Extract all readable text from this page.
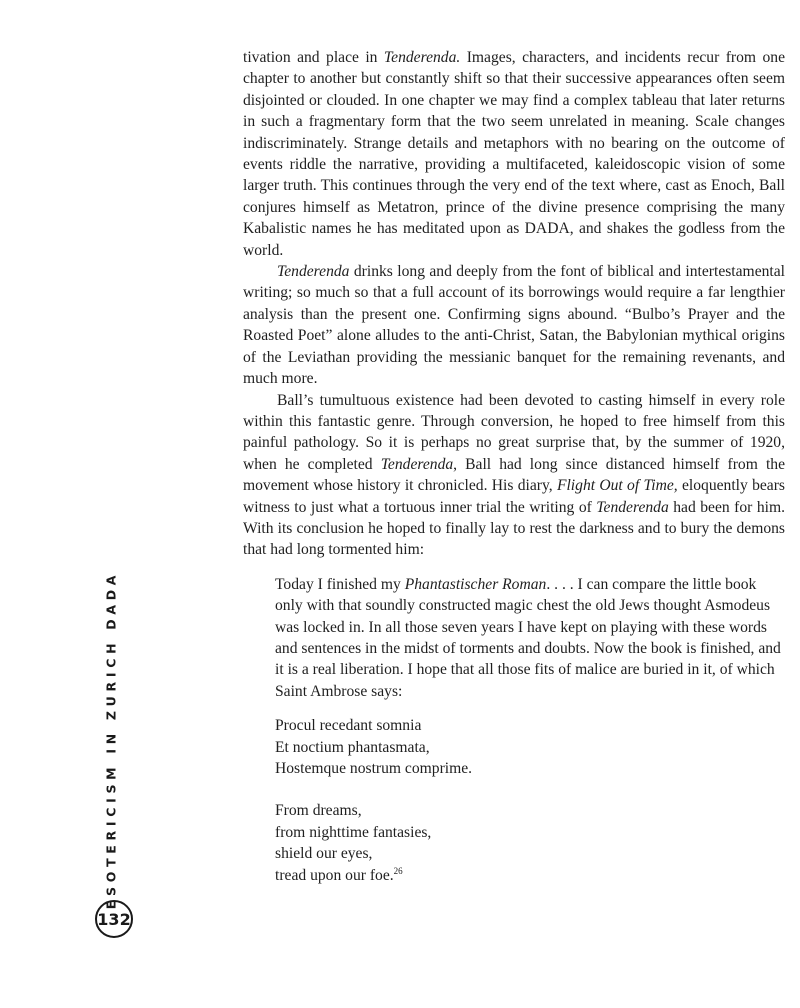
tivation and place in Tenderenda. Images, characters, and incidents recur from one chapter to another but constantly shift so that their successive appearances often seem disjointed or clouded. In one chapter we may find a complex tableau that later returns in such a fragmentary form that the two seem unrelated in meaning. Scale changes indiscriminately. Strange details and metaphors with no bearing on the outcome of events riddle the narrative, providing a multifaceted, kaleidoscopic vision of some larger truth. This continues through the very end of the text where, cast as Enoch, Ball conjures himself as Metatron, prince of the divine presence comprising the many Kabalistic names he has meditated upon as DADA, and shakes the godless from the world.

Tenderenda drinks long and deeply from the font of biblical and intertestamental writing; so much so that a full account of its borrowings would require a far lengthier analysis than the present one. Confirming signs abound. “Bulbo’s Prayer and the Roasted Poet” alone alludes to the anti-Christ, Satan, the Babylonian mythical origins of the Leviathan providing the messianic banquet for the remaining revenants, and much more.

Ball’s tumultuous existence had been devoted to casting himself in every role within this fantastic genre. Through conversion, he hoped to free himself from this painful pathology. So it is perhaps no great surprise that, by the summer of 1920, when he completed Tenderenda, Ball had long since distanced himself from the movement whose history it chronicled. His diary, Flight Out of Time, eloquently bears witness to just what a tortuous inner trial the writing of Tenderenda had been for him. With its conclusion he hoped to finally lay to rest the darkness and to bury the demons that had long tormented him:

Today I finished my Phantastischer Roman. . . . I can compare the little book only with that soundly constructed magic chest the old Jews thought Asmodeus was locked in. In all those seven years I have kept on playing with these words and sentences in the midst of torments and doubts. Now the book is finished, and it is a real liberation. I hope that all those fits of malice are buried in it, of which Saint Ambrose says:

Procul recedant somnia
Et noctium phantasmata,
Hostemque nostrum comprime.
From dreams,
from nighttime fantasies,
shield our eyes,
tread upon our foe.$^{26}$
ESOTERICISM IN ZURICH DADA
132
